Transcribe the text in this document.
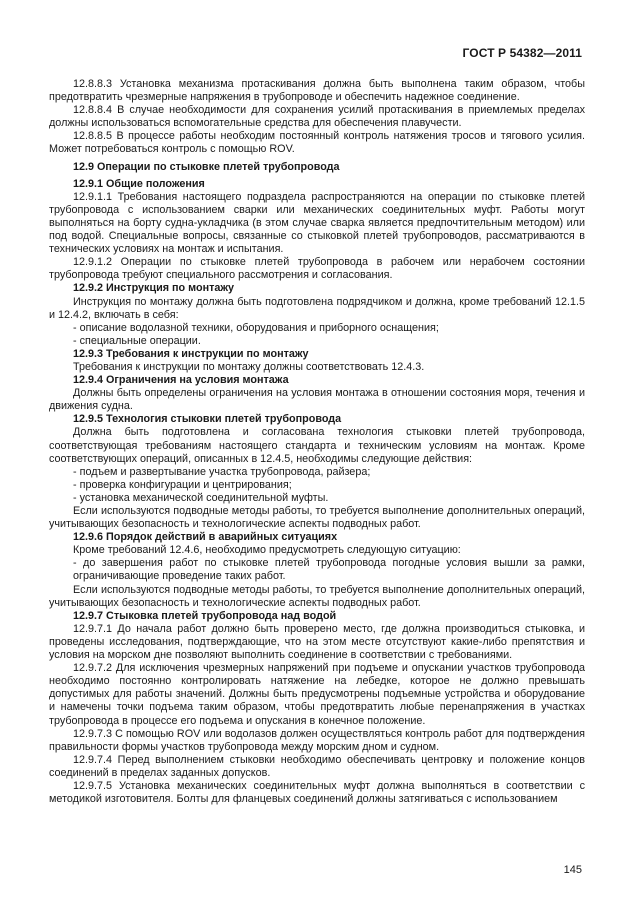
ГОСТ Р 54382—2011
12.8.8.3 Установка механизма протаскивания должна быть выполнена таким образом, чтобы предотвратить чрезмерные напряжения в трубопроводе и обеспечить надежное соединение.
12.8.8.4 В случае необходимости для сохранения усилий протаскивания в приемлемых пределах должны использоваться вспомогательные средства для обеспечения плавучести.
12.8.8.5 В процессе работы необходим постоянный контроль натяжения тросов и тягового усилия. Может потребоваться контроль с помощью ROV.
12.9 Операции по стыковке плетей трубопровода
12.9.1 Общие положения
12.9.1.1 Требования настоящего подраздела распространяются на операции по стыковке плетей трубопровода с использованием сварки или механических соединительных муфт. Работы могут выполняться на борту судна-укладчика (в этом случае сварка является предпочтительным методом) или под водой. Специальные вопросы, связанные со стыковкой плетей трубопроводов, рассматриваются в технических условиях на монтаж и испытания.
12.9.1.2 Операции по стыковке плетей трубопровода в рабочем или нерабочем состоянии трубопровода требуют специального рассмотрения и согласования.
12.9.2 Инструкция по монтажу
Инструкция по монтажу должна быть подготовлена подрядчиком и должна, кроме требований 12.1.5 и 12.4.2, включать в себя:
- описание водолазной техники, оборудования и приборного оснащения;
- специальные операции.
12.9.3 Требования к инструкции по монтажу
Требования к инструкции по монтажу должны соответствовать 12.4.3.
12.9.4 Ограничения на условия монтажа
Должны быть определены ограничения на условия монтажа в отношении состояния моря, течения и движения судна.
12.9.5 Технология стыковки плетей трубопровода
Должна быть подготовлена и согласована технология стыковки плетей трубопровода, соответствующая требованиям настоящего стандарта и техническим условиям на монтаж. Кроме соответствующих операций, описанных в 12.4.5, необходимы следующие действия:
- подъем и развертывание участка трубопровода, райзера;
- проверка конфигурации и центрирования;
- установка механической соединительной муфты.
Если используются подводные методы работы, то требуется выполнение дополнительных операций, учитывающих безопасность и технологические аспекты подводных работ.
12.9.6 Порядок действий в аварийных ситуациях
Кроме требований 12.4.6, необходимо предусмотреть следующую ситуацию:
- до завершения работ по стыковке плетей трубопровода погодные условия вышли за рамки, ограничивающие проведение таких работ.
Если используются подводные методы работы, то требуется выполнение дополнительных операций, учитывающих безопасность и технологические аспекты подводных работ.
12.9.7 Стыковка плетей трубопровода над водой
12.9.7.1 До начала работ должно быть проверено место, где должна производиться стыковка, и проведены исследования, подтверждающие, что на этом месте отсутствуют какие-либо препятствия и условия на морском дне позволяют выполнить соединение в соответствии с требованиями.
12.9.7.2 Для исключения чрезмерных напряжений при подъеме и опускании участков трубопровода необходимо постоянно контролировать натяжение на лебедке, которое не должно превышать допустимых для работы значений. Должны быть предусмотрены подъемные устройства и оборудование и намечены точки подъема таким образом, чтобы предотвратить любые перенапряжения в участках трубопровода в процессе его подъема и опускания в конечное положение.
12.9.7.3 С помощью ROV или водолазов должен осуществляться контроль работ для подтверждения правильности формы участков трубопровода между морским дном и судном.
12.9.7.4 Перед выполнением стыковки необходимо обеспечивать центровку и положение концов соединений в пределах заданных допусков.
12.9.7.5 Установка механических соединительных муфт должна выполняться в соответствии с методикой изготовителя. Болты для фланцевых соединений должны затягиваться с использованием
145
